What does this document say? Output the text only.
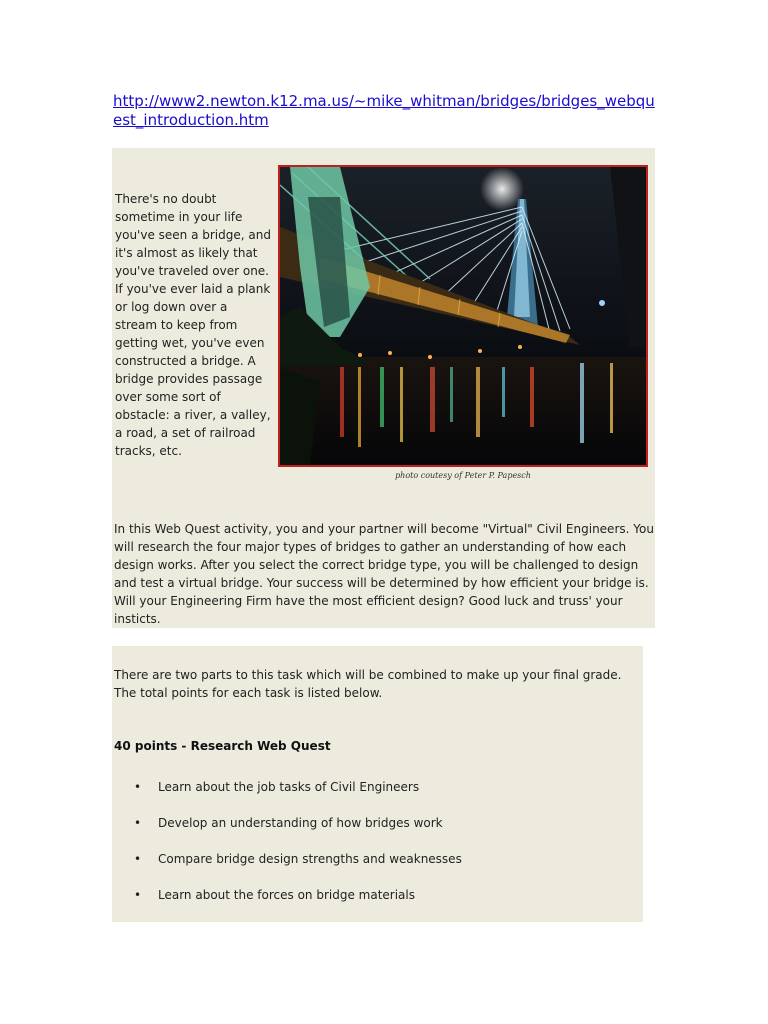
http://www2.newton.k12.ma.us/~mike_whitman/bridges/bridges_webquest_introduction.htm
There's no doubt sometime in your life you've seen a bridge, and it's almost as likely that you've traveled over one. If you've ever laid a plank or log down over a stream to keep from getting wet, you've even constructed a bridge. A bridge provides passage over some sort of obstacle: a river, a valley, a road, a set of railroad tracks, etc.
photo coutesy of Peter P. Papesch
In this Web Quest activity, you and your partner will become "Virtual" Civil Engineers. You will research the four major types of bridges to gather an understanding of how each design works. After you select the correct bridge type, you will be challenged to design and test a virtual bridge. Your success will be determined by how efficient your bridge is. Will your Engineering Firm have the most efficient design? Good luck and truss' your insticts.
There are two parts to this task which will be combined to make up your final grade. The total points for each task is listed below.
40 points - Research Web Quest
• Learn about the job tasks of Civil Engineers
• Develop an understanding of how bridges work
• Compare bridge design strengths and weaknesses
• Learn about the forces on bridge materials
